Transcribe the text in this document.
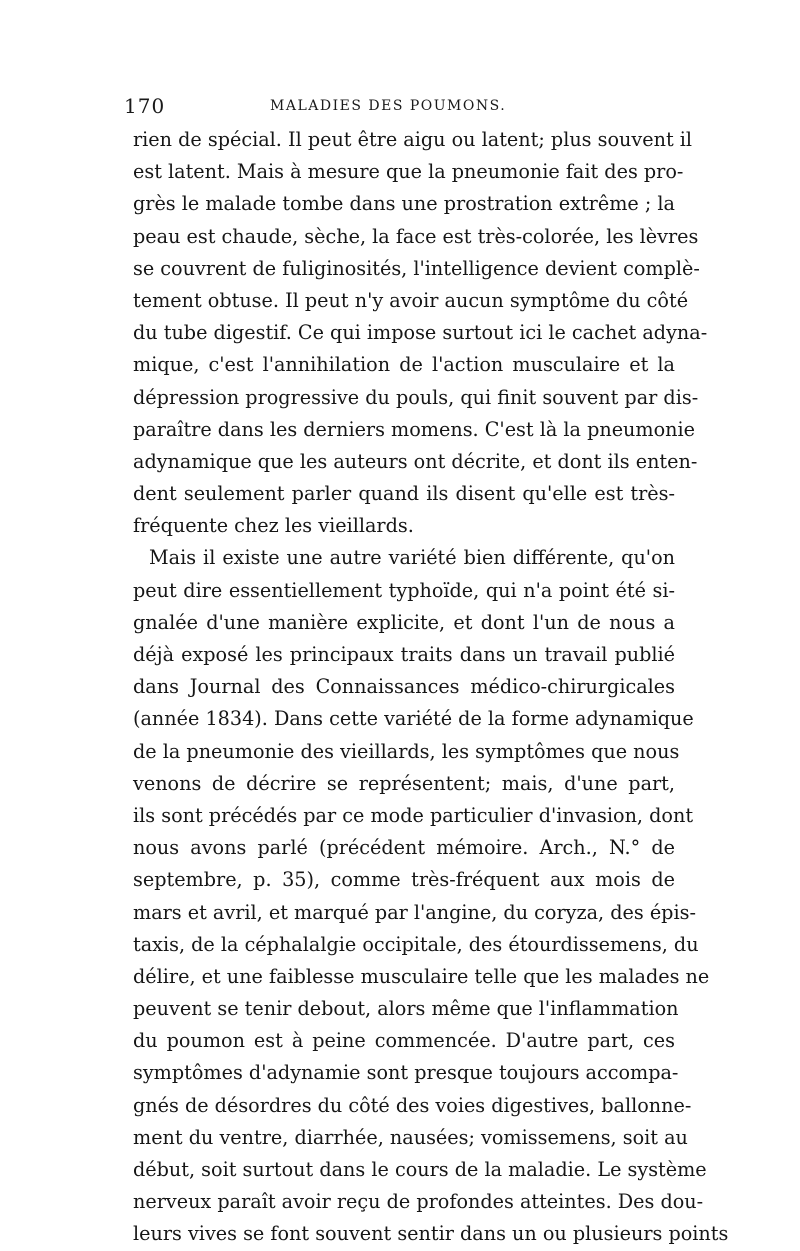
170	MALADIES DES POUMONS.
rien de spécial. Il peut être aigu ou latent; plus souvent il
est latent. Mais à mesure que la pneumonie fait des pro-
grès le malade tombe dans une prostration extrême ; la
peau est chaude, sèche, la face est très-colorée, les lèvres
se couvrent de fuliginosités, l'intelligence devient complè-
tement obtuse. Il peut n'y avoir aucun symptôme du côté
du tube digestif. Ce qui impose surtout ici le cachet adyna-
mique, c'est l'annihilation de l'action musculaire et la
dépression progressive du pouls, qui finit souvent par dis-
paraître dans les derniers momens. C'est là la pneumonie
adynamique que les auteurs ont décrite, et dont ils enten-
dent seulement parler quand ils disent qu'elle est très-
fréquente chez les vieillards.
Mais il existe une autre variété bien différente, qu'on
peut dire essentiellement typhoïde, qui n'a point été si-
gnalée d'une manière explicite, et dont l'un de nous a
déjà exposé les principaux traits dans un travail publié
dans Journal des Connaissances médico-chirurgicales
(année 1834). Dans cette variété de la forme adynamique
de la pneumonie des vieillards, les symptômes que nous
venons de décrire se représentent; mais, d'une part,
ils sont précédés par ce mode particulier d'invasion, dont
nous avons parlé (précédent mémoire. Arch., N.° de
septembre, p. 35), comme très-fréquent aux mois de
mars et avril, et marqué par l'angine, du coryza, des épis-
taxis, de la céphalalgie occipitale, des étourdissemens, du
délire, et une faiblesse musculaire telle que les malades ne
peuvent se tenir debout, alors même que l'inflammation
du poumon est à peine commencée. D'autre part, ces
symptômes d'adynamie sont presque toujours accompa-
gnés de désordres du côté des voies digestives, ballonne-
ment du ventre, diarrhée, nausées; vomissemens, soit au
début, soit surtout dans le cours de la maladie. Le système
nerveux paraît avoir reçu de profondes atteintes. Des dou-
leurs vives se font souvent sentir dans un ou plusieurs points
